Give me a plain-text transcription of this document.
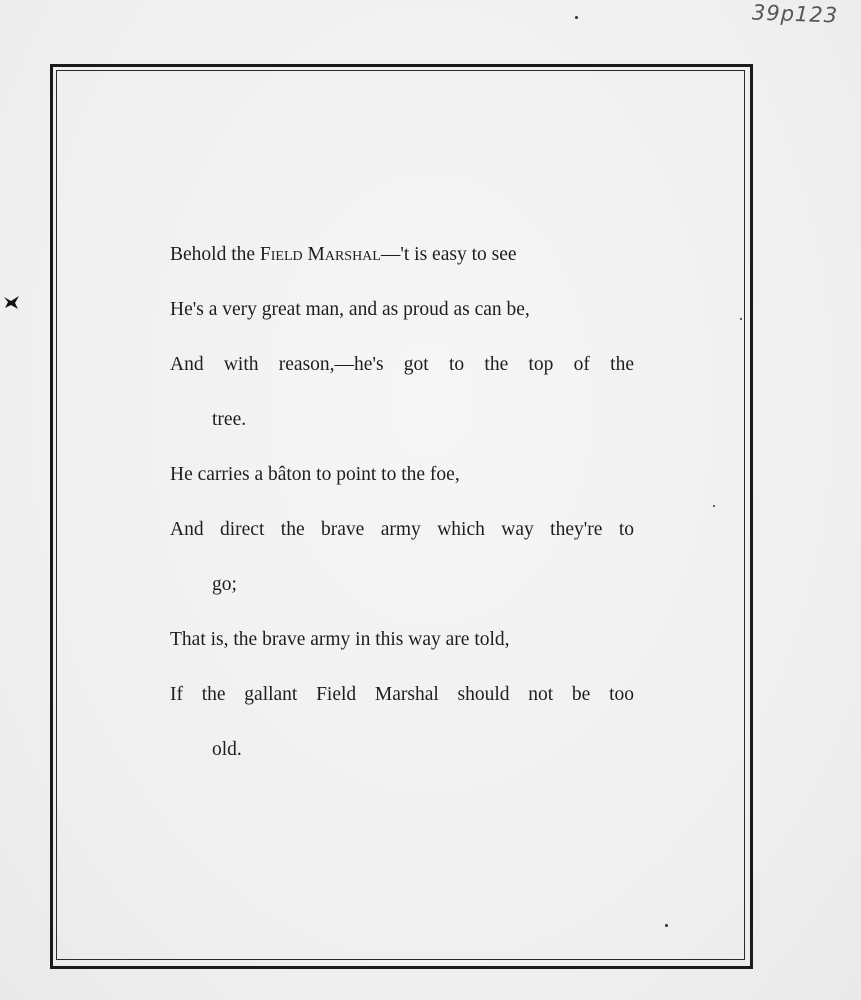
39p123
Behold the Field Marshal—'t is easy to see
He's a very great man, and as proud as can be,
And with reason,—he's got to the top of the
tree.
He carries a bâton to point to the foe,
And direct the brave army which way they're to
go;
That is, the brave army in this way are told,
If the gallant Field Marshal should not be too
old.
